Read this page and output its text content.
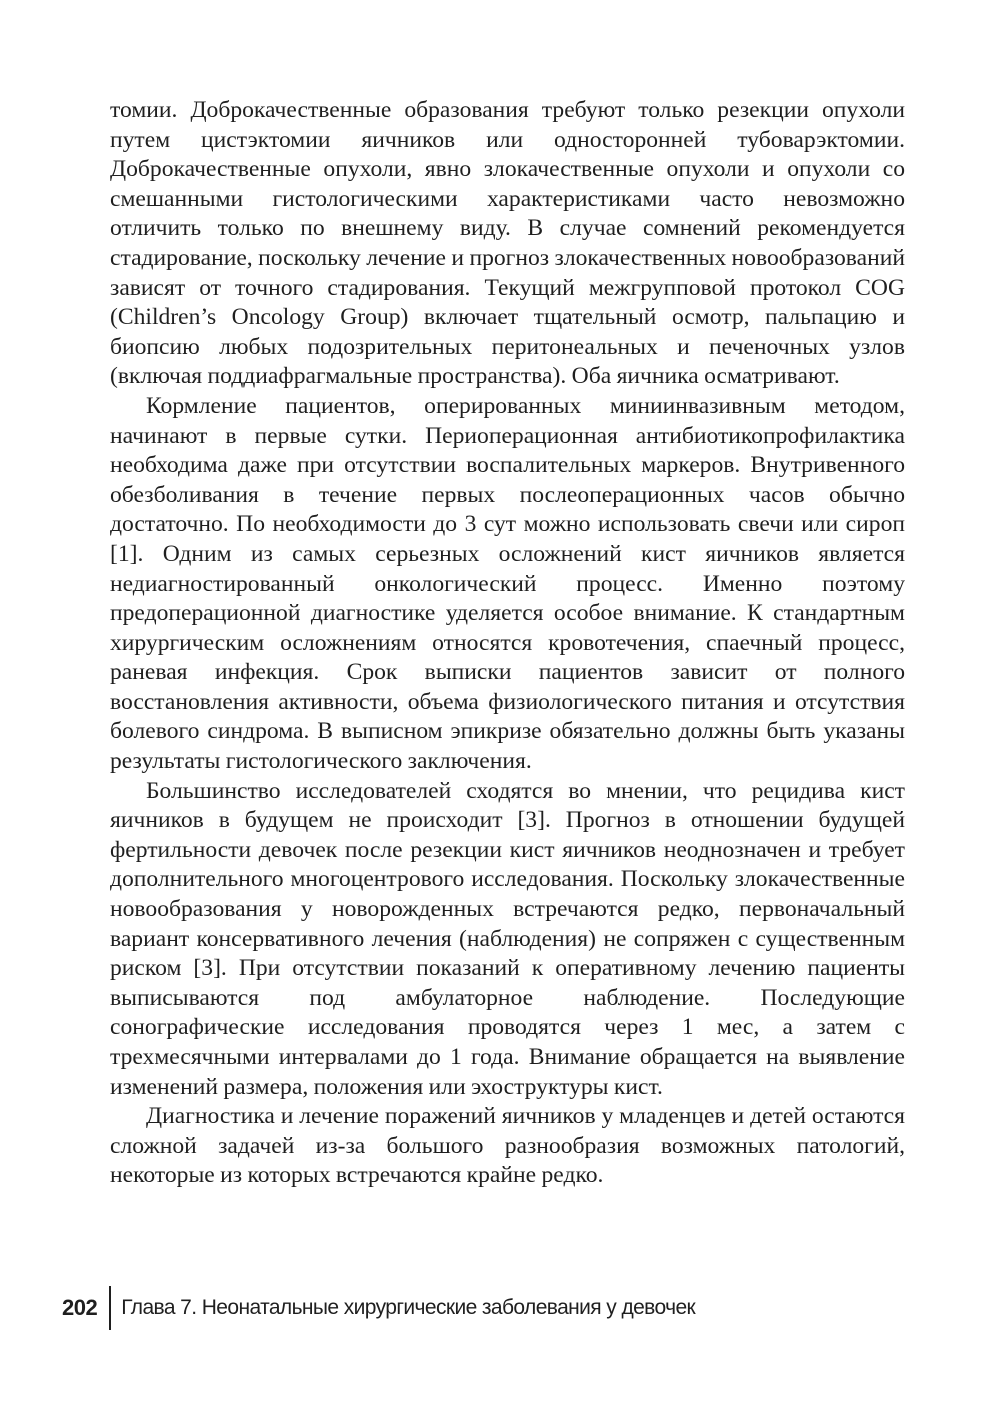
томии. Доброкачественные образования требуют только резекции опухоли путем цистэктомии яичников или односторонней тубоварэктомии. Доброкачественные опухоли, явно злокачественные опухоли и опухоли со смешанными гистологическими характеристиками часто невозможно отличить только по внешнему виду. В случае сомнений рекомендуется стадирование, поскольку лечение и прогноз злокачественных новообразований зависят от точного стадирования. Текущий межгрупповой протокол COG (Children’s Oncology Group) включает тщательный осмотр, пальпацию и биопсию любых подозрительных перитонеальных и печеночных узлов (включая поддиафрагмальные пространства). Оба яичника осматривают.

Кормление пациентов, оперированных миниинвазивным методом, начинают в первые сутки. Периоперационная антибиотикопрофилактика необходима даже при отсутствии воспалительных маркеров. Внутривенного обезболивания в течение первых послеоперационных часов обычно достаточно. По необходимости до 3 сут можно использовать свечи или сироп [1]. Одним из самых серьезных осложнений кист яичников является недиагностированный онкологический процесс. Именно поэтому предоперационной диагностике уделяется особое внимание. К стандартным хирургическим осложнениям относятся кровотечения, спаечный процесс, раневая инфекция. Срок выписки пациентов зависит от полного восстановления активности, объема физиологического питания и отсутствия болевого синдрома. В выписном эпикризе обязательно должны быть указаны результаты гистологического заключения.

Большинство исследователей сходятся во мнении, что рецидива кист яичников в будущем не происходит [3]. Прогноз в отношении будущей фертильности девочек после резекции кист яичников неоднозначен и требует дополнительного многоцентрового исследования. Поскольку злокачественные новообразования у новорожденных встречаются редко, первоначальный вариант консервативного лечения (наблюдения) не сопряжен с существенным риском [3]. При отсутствии показаний к оперативному лечению пациенты выписываются под амбулаторное наблюдение. Последующие сонографические исследования проводятся через 1 мес, а затем с трехмесячными интервалами до 1 года. Внимание обращается на выявление изменений размера, положения или эхоструктуры кист.

Диагностика и лечение поражений яичников у младенцев и детей остаются сложной задачей из-за большого разнообразия возможных патологий, некоторые из которых встречаются крайне редко.

202 Глава 7. Неонатальные хирургические заболевания у девочек
